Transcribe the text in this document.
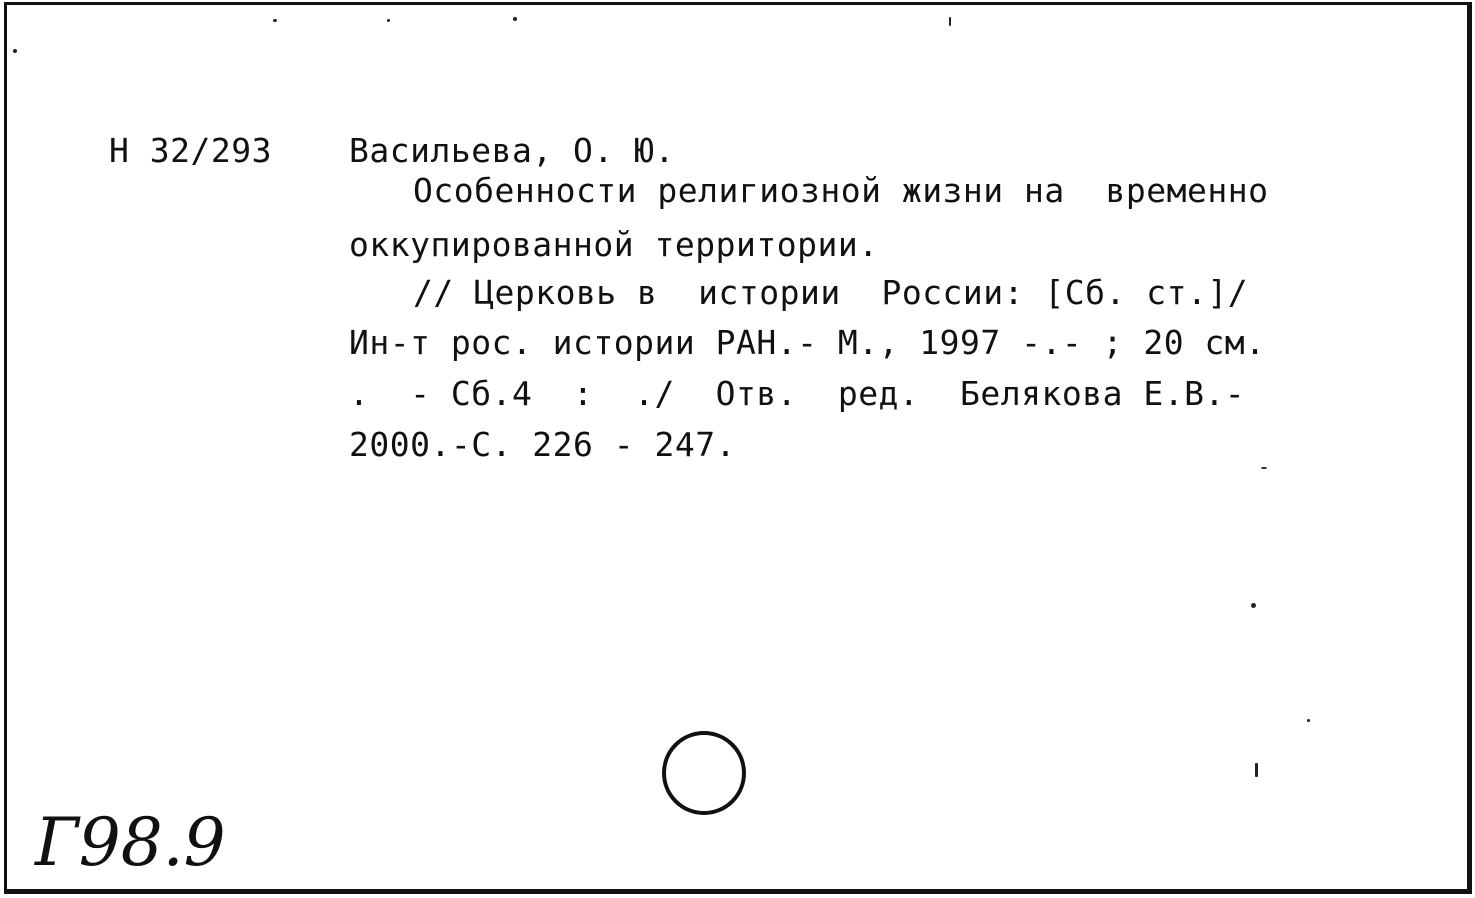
Н 32/293 Васильева, О. Ю.
Особенности религиозной жизни на  временно
оккупированной территории.
// Церковь в  истории  России: [Сб. ст.]/
Ин-т рос. истории РАН.- М., 1997 -.- ; 20 см.
.  - Сб.4  :  ./  Отв.  ред.  Белякова Е.В.-
2000.-С. 226 - 247.
Г98.9
